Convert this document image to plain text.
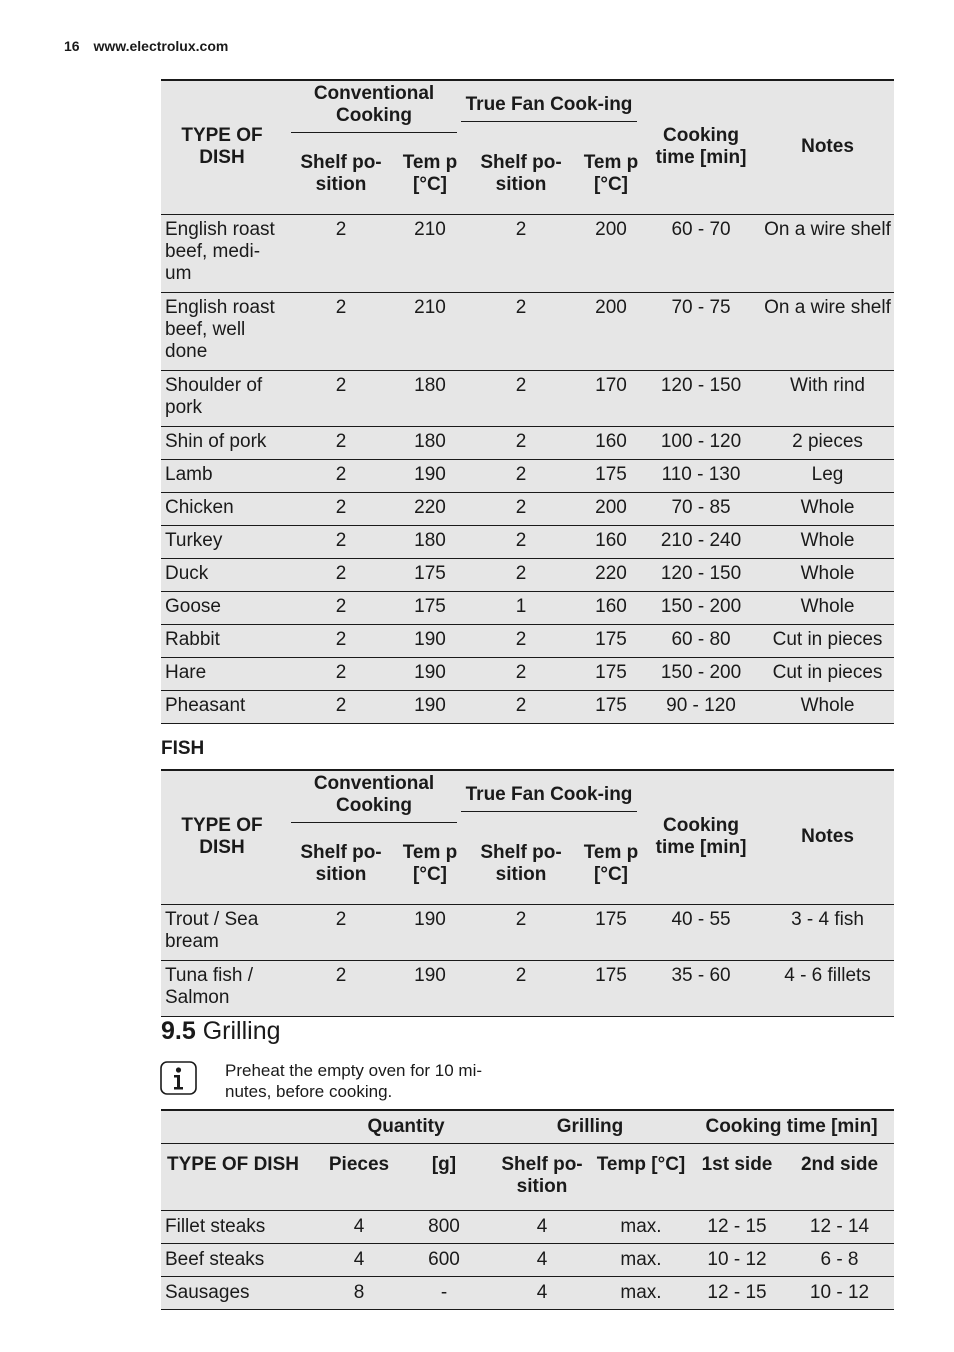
16 www.electrolux.com
TYPE OF DISH	Conventional Cooking		True Fan Cook-ing		Cooking time [min]	Notes
	Shelf po-sition	Tem p [°C]	Shelf po-sition	Tem p [°C]		
English roast beef, medi-um	2	210	2	200	60 - 70	On a wire shelf
English roast beef, well done	2	210	2	200	70 - 75	On a wire shelf
Shoulder of pork	2	180	2	170	120 - 150	With rind
Shin of pork	2	180	2	160	100 - 120	2 pieces
Lamb	2	190	2	175	110 - 130	Leg
Chicken	2	220	2	200	70 - 85	Whole
Turkey	2	180	2	160	210 - 240	Whole
Duck	2	175	2	220	120 - 150	Whole
Goose	2	175	1	160	150 - 200	Whole
Rabbit	2	190	2	175	60 - 80	Cut in pieces
Hare	2	190	2	175	150 - 200	Cut in pieces
Pheasant	2	190	2	175	90 - 120	Whole
FISH
TYPE OF DISH	Conventional Cooking		True Fan Cook-ing		Cooking time [min]	Notes
	Shelf po-sition	Tem p [°C]	Shelf po-sition	Tem p [°C]		
Trout / Sea bream	2	190	2	175	40 - 55	3 - 4 fish
Tuna fish / Salmon	2	190	2	175	35 - 60	4 - 6 fillets
9.5 Grilling
Preheat the empty oven for 10 mi-nutes, before cooking.
	Quantity		Grilling		Cooking time [min]	
TYPE OF DISH	Pieces	[g]	Shelf po-sition	Temp [°C]	1st side	2nd side
Fillet steaks	4	800	4	max.	12 - 15	12 - 14
Beef steaks	4	600	4	max.	10 - 12	6 - 8
Sausages	8	-	4	max.	12 - 15	10 - 12
